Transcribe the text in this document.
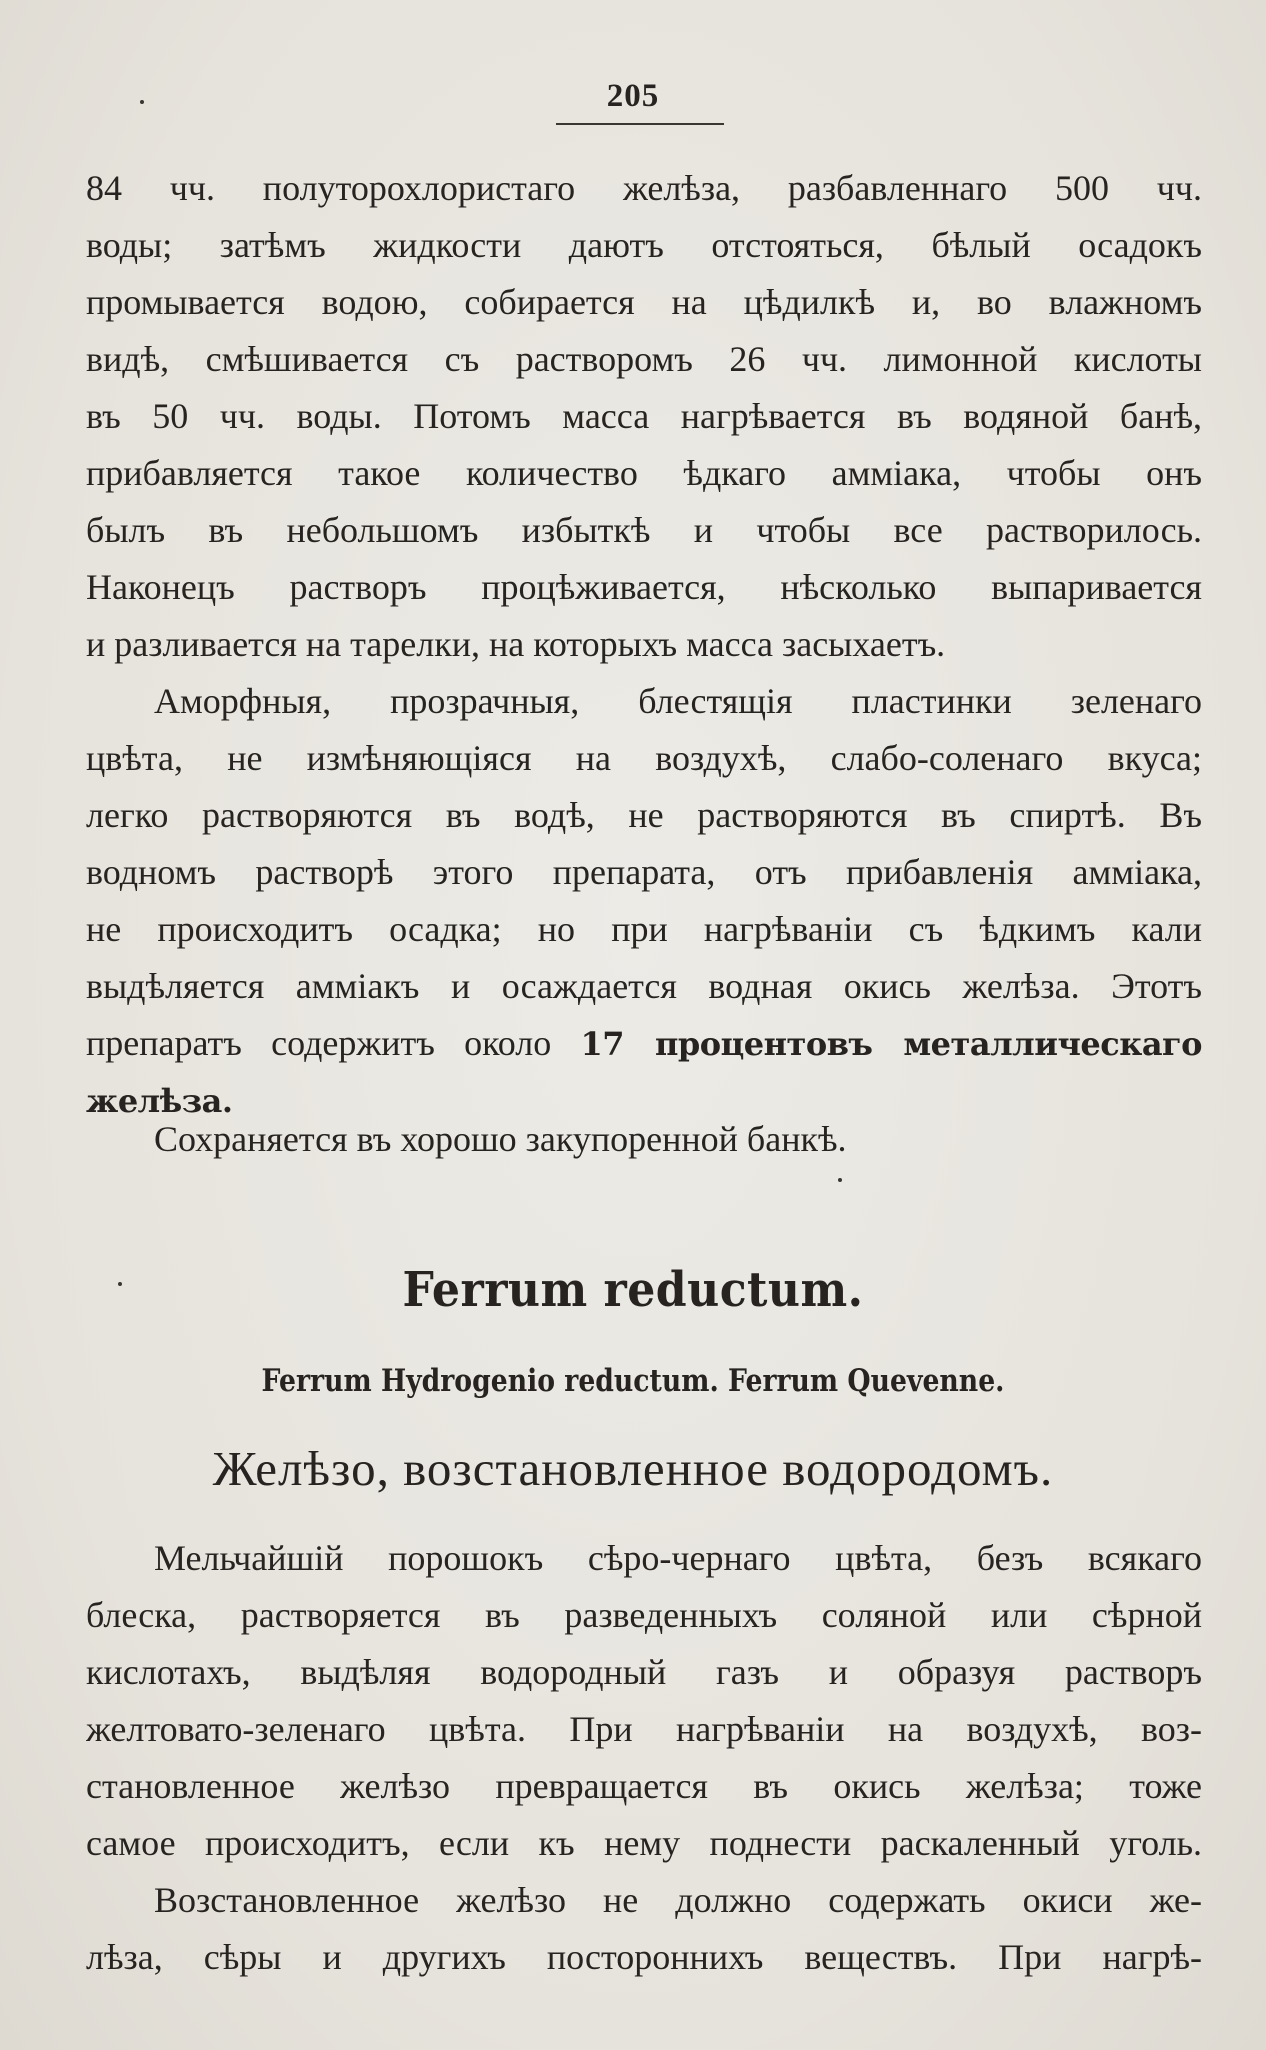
205
84 чч. полуторохлористаго желѣза, разбавленнаго 500 чч.
воды; затѣмъ жидкости даютъ отстояться, бѣлый осадокъ
промывается водою, собирается на цѣдилкѣ и, во влажномъ
видѣ, смѣшивается съ растворомъ 26 чч. лимонной кислоты
въ 50 чч. воды. Потомъ масса нагрѣвается въ водяной банѣ,
прибавляется такое количество ѣдкаго амміака, чтобы онъ
былъ въ небольшомъ избыткѣ и чтобы все растворилось.
Наконецъ растворъ процѣживается, нѣсколько выпаривается
и разливается на тарелки, на которыхъ масса засыхаетъ.
Аморфныя, прозрачныя, блестящія пластинки зеленаго
цвѣта, не измѣняющіяся на воздухѣ, слабо-соленаго вкуса;
легко растворяются въ водѣ, не растворяются въ спиртѣ. Въ
водномъ растворѣ этого препарата, отъ прибавленія амміака,
не происходитъ осадка; но при нагрѣваніи съ ѣдкимъ кали
выдѣляется амміакъ и осаждается водная окись желѣза. Этотъ
препаратъ содержитъ около 17 процентовъ металлическаго
желѣза.
Сохраняется въ хорошо закупоренной банкѣ.
Ferrum reductum.
Ferrum Hydrogenio reductum. Ferrum Quevenne.
Желѣзо, возстановленное водородомъ.
Мельчайшій порошокъ сѣро-чернаго цвѣта, безъ всякаго
блеска, растворяется въ разведенныхъ соляной или сѣрной
кислотахъ, выдѣляя водородный газъ и образуя растворъ
желтовато-зеленаго цвѣта. При нагрѣваніи на воздухѣ, воз-
становленное желѣзо превращается въ окись желѣза; тоже
самое происходитъ, если къ нему поднести раскаленный уголь.
Возстановленное желѣзо не должно содержать окиси же-
лѣза, сѣры и другихъ постороннихъ веществъ. При нагрѣ-
